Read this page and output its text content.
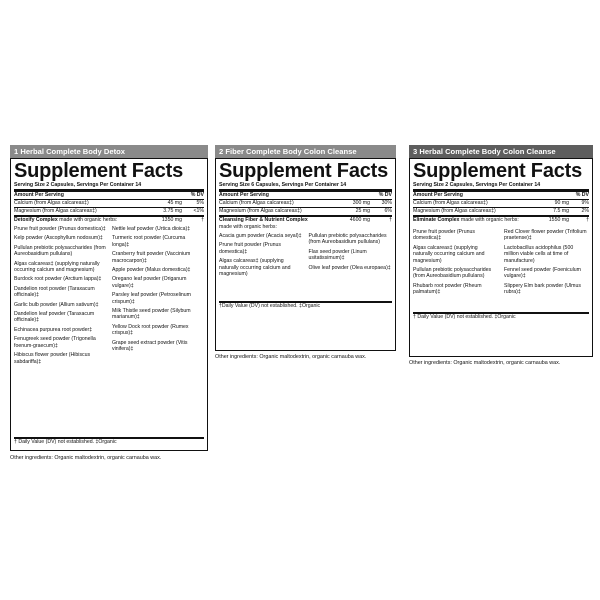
1 Herbal Complete Body Detox
Supplement Facts
Serving Size 2 Capsules, Servings Per Container 14
Amount Per Serving	% DV
Calcium (from Algas calcareas‡)	45 mg	5%
Magnesium (from Algas calcareas‡)	3.75 mg	<1%
Detoxify Complex made with organic herbs:	1350 mg	†
Prune fruit powder (Prunus domestica)‡
Kelp powder (Ascophyllum nodosum)‡
Pullulan prebiotic polysaccharides (from Aureobasidium pullulans)
Algas calcareas‡ (supplying naturally occurring calcium and magnesium)
Burdock root powder (Arctium lappa)‡
Dandelion root powder (Taraxacum officinale)‡
Garlic bulb powder (Allium sativum)‡
Dandelion leaf powder (Taraxacum officinale)‡
Echinacea purpurea root powder‡
Fenugreek seed powder (Trigonella foenum-graecum)‡
Hibiscus flower powder (Hibiscus sabdariffa)‡
Nettle leaf powder (Urtica dioica)‡
Turmeric root powder (Curcuma longa)‡
Cranberry fruit powder (Vaccinium macrocarpon)‡
Apple powder (Malus domestica)‡
Oregano leaf powder (Origanum vulgare)‡
Parsley leaf powder (Petroselinum crispum)‡
Milk Thistle seed powder (Silybum marianum)‡
Yellow Dock root powder (Rumex crispus)‡
Grape seed extract powder (Vitis vinifera)‡
† Daily Value (DV) not established. ‡Organic
Other ingredients: Organic maltodextrin, organic carnauba wax.
2 Fiber Complete Body Colon Cleanse
Supplement Facts
Serving Size 6 Capsules, Servings Per Container 14
Amount Per Serving	% DV
Calcium (from Algas calcareas‡)	300 mg	30%
Magnesium (from Algas calcareas‡)	25 mg	6%
Cleansing Fiber & Nutrient Complex	4600 mg	†
made with organic herbs:
Acacia gum powder (Acacia seyal)‡
Prune fruit powder (Prunus domestica)‡
Algas calcareas‡ (supplying naturally occurring calcium and magnesium)
Pullulan prebiotic polysaccharides (from Aureobasidium pullulans)
Flax seed powder (Linum usitatissimum)‡
Olive leaf powder (Olea europaea)‡
†Daily Value (DV) not established. ‡Organic
Other ingredients: Organic maltodextrin, organic carnauba wax.
3 Herbal Complete Body Colon Cleanse
Supplement Facts
Serving Size 2 Capsules, Servings Per Container 14
Amount Per Serving	% DV
Calcium (from Algas calcareas‡)	90 mg	9%
Magnesium (from Algas calcareas‡)	7.5 mg	2%
Eliminate Complex made with organic herbs:	1550 mg	†
Prune fruit powder (Prunus domestica)‡
Algas calcareas‡ (supplying naturally occurring calcium and magnesium)
Pullulan prebiotic polysaccharides (from Aureobasidium pullulans)
Rhubarb root powder (Rheum palmatum)‡
Red Clover flower powder (Trifolium praetense)‡
Lactobacillus acidophilus (500 million viable cells at time of manufacture)
Fennel seed powder (Foeniculum vulgare)‡
Slippery Elm bark powder (Ulmus rubra)‡
† Daily Value (DV) not established. ‡Organic
Other ingredients: Organic maltodextrin, organic carnauba wax.
